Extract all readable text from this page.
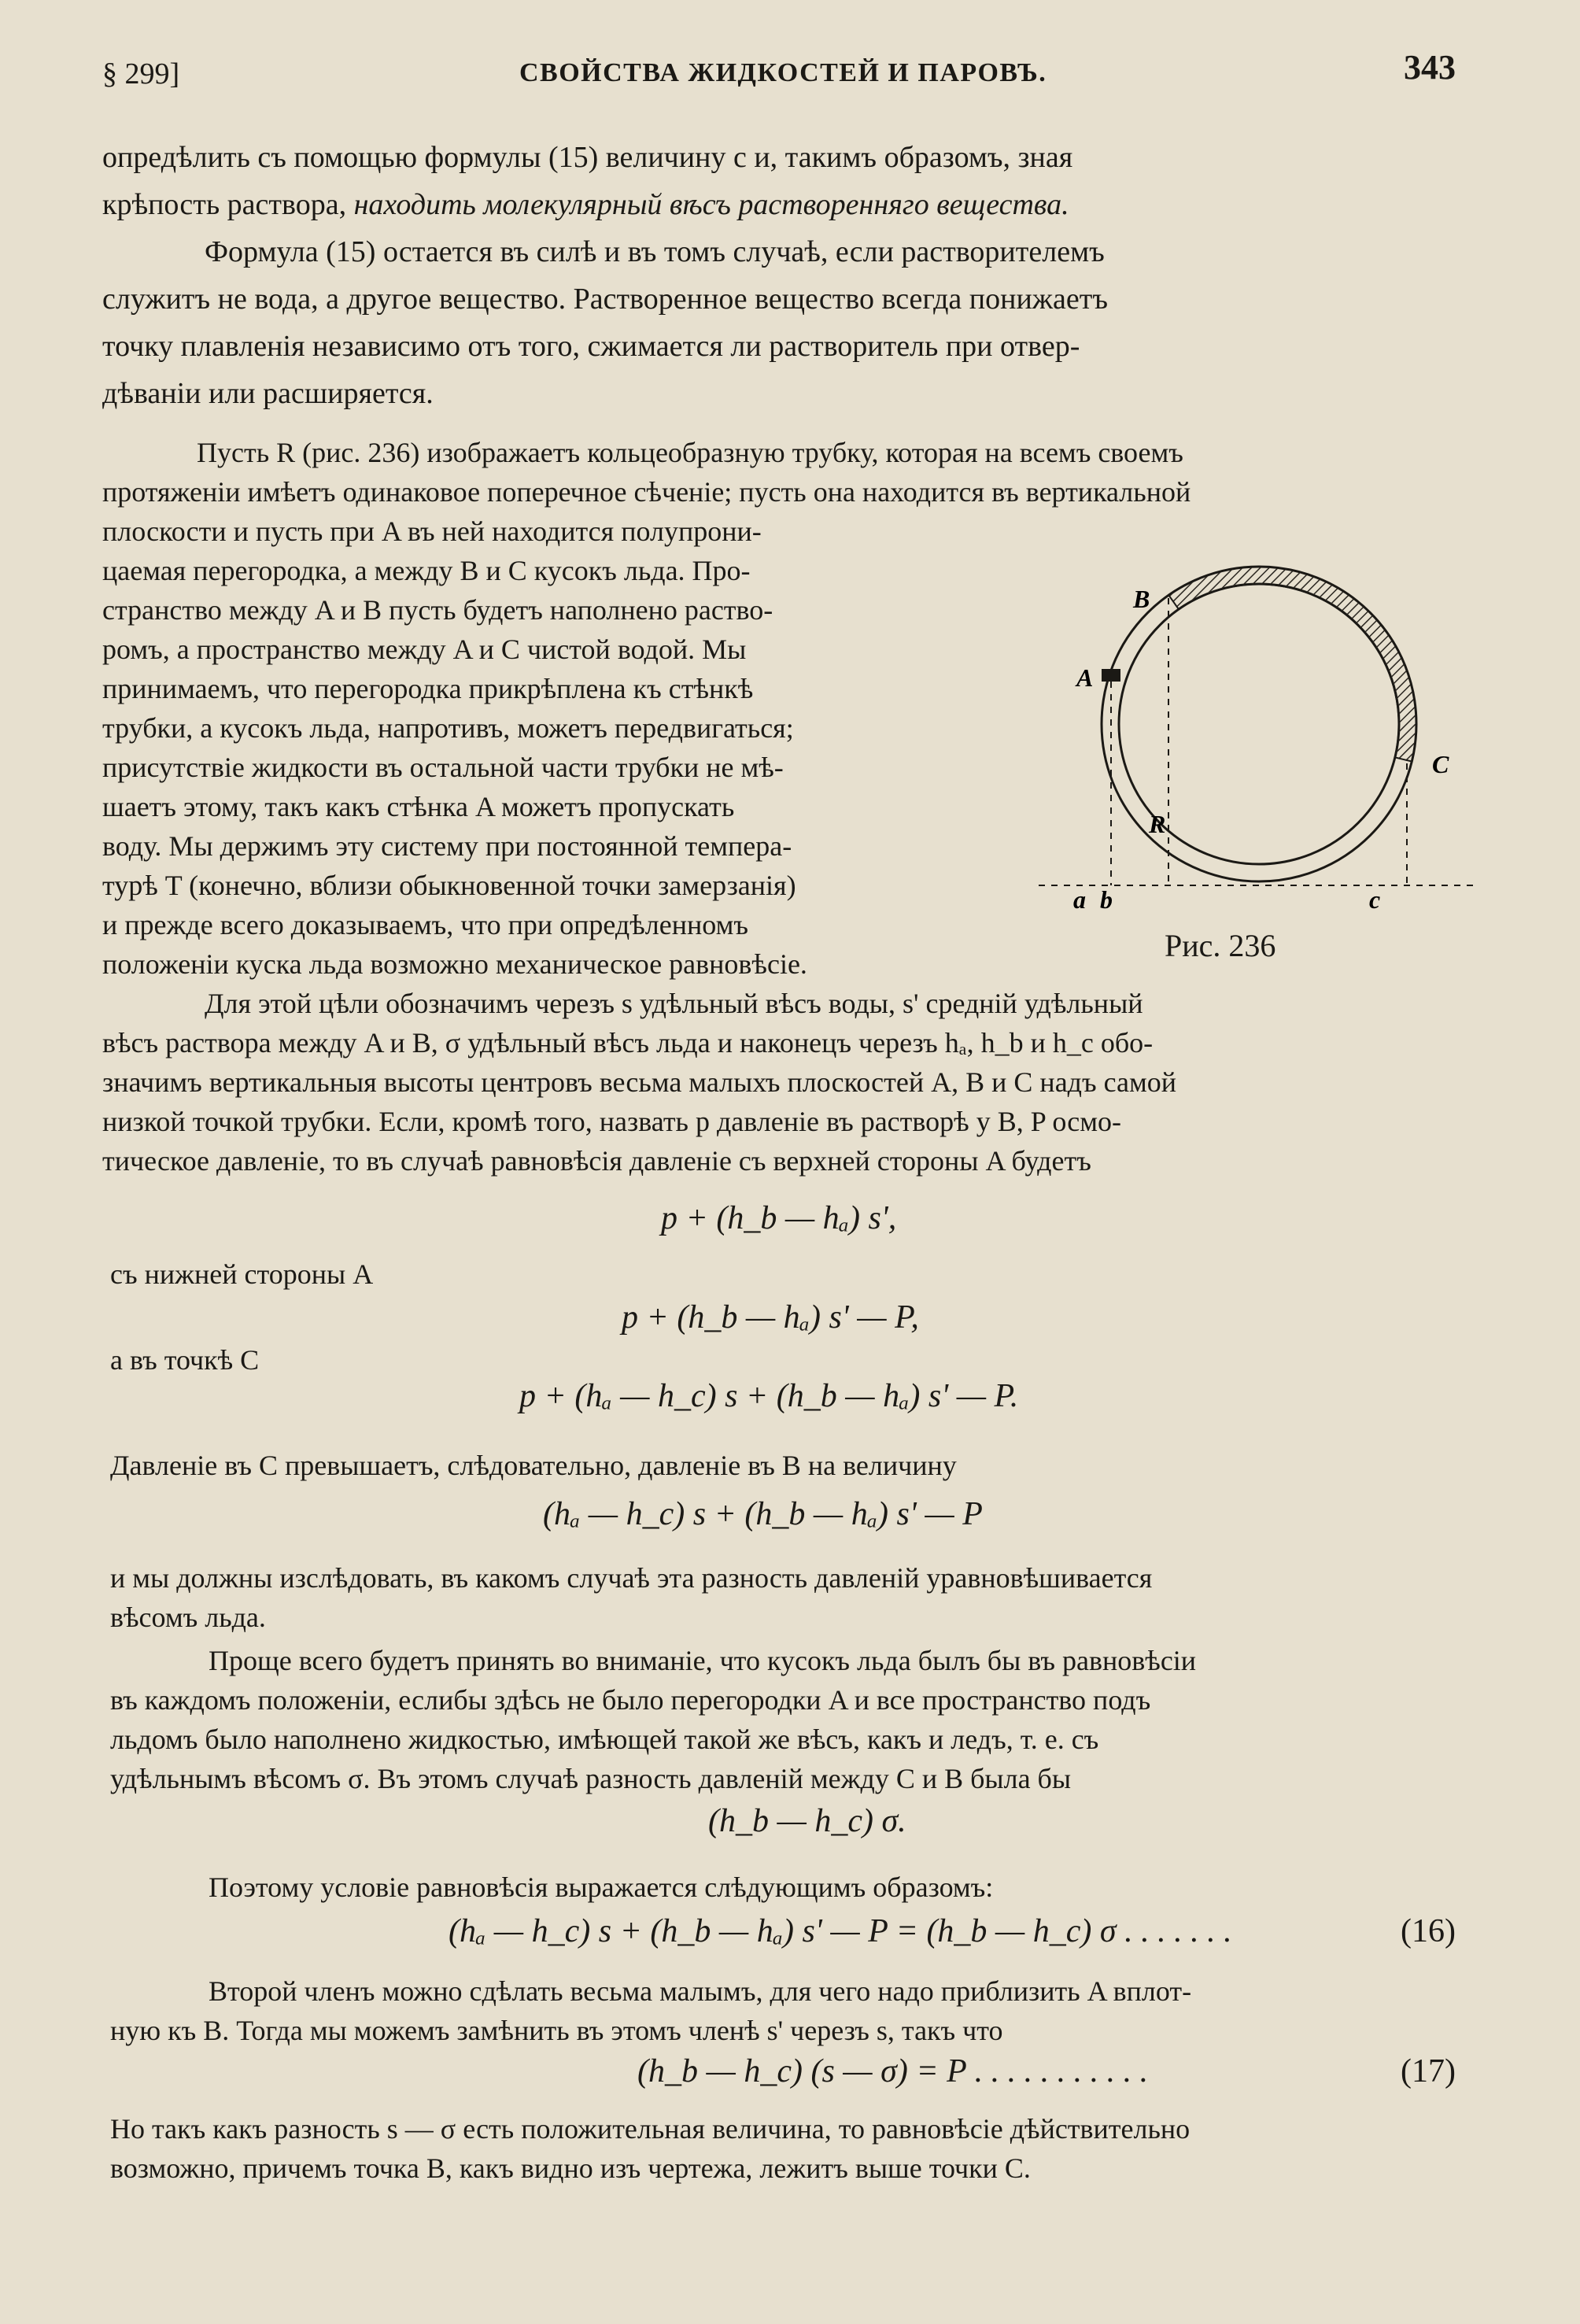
§ 299]	СВОЙСТВА ЖИДКОСТЕЙ И ПАРОВЪ.	343
опредѣлить съ помощью формулы (15) величину c и, такимъ образомъ, зная
крѣпость раствора, находить молекулярный вѣсъ растворенняго вещества.
Формула (15) остается въ силѣ и въ томъ случаѣ, если растворителемъ
служитъ не вода, а другое вещество. Растворенное вещество всегда понижаетъ
точку плавленія независимо отъ того, сжимается ли растворитель при отвер-
дѣваніи или расширяется.
Пусть R (рис. 236) изображаетъ кольцеобразную трубку, которая на всемъ своемъ
протяженіи имѣетъ одинаковое поперечное сѣченіе; пусть она находится въ вертикальной
плоскости и пусть при A въ ней находится полупрони-
цаемая перегородка, а между B и C кусокъ льда. Про-
странство между A и B пусть будетъ наполнено раство-
ромъ, а пространство между A и C чистой водой. Мы
принимаемъ, что перегородка прикрѣплена къ стѣнкѣ
трубки, а кусокъ льда, напротивъ, можетъ передвигаться;
присутствіе жидкости въ остальной части трубки не мѣ-
шаетъ этому, такъ какъ стѣнка A можетъ пропускать
воду. Мы держимъ эту систему при постоянной темпера-
турѣ T (конечно, вблизи обыкновенной точки замерзанія)
и прежде всего доказываемъ, что при опредѣленномъ
положеніи куска льда возможно механическое равновѣсіе.
A
B
C
R
a b	c
Рис. 236
Для этой цѣли обозначимъ черезъ s удѣльный вѣсъ воды, s' средній удѣльный
вѣсъ раствора между A и B, σ удѣльный вѣсъ льда и наконецъ черезъ hₐ, h_b и h_c обо-
значимъ вертикальныя высоты центровъ весьма малыхъ плоскостей A, B и C надъ самой
низкой точкой трубки. Если, кромѣ того, назвать p давленіе въ растворѣ у B, P осмо-
тическое давленіе, то въ случаѣ равновѣсія давленіе съ верхней стороны A будетъ
p + (h_b — hₐ) s',
съ нижней стороны A
p + (h_b — hₐ) s' — P,
а въ точкѣ C
p + (hₐ — h_c) s + (h_b — hₐ) s' — P.
Давленіе въ C превышаетъ, слѣдовательно, давленіе въ B на величину
(hₐ — h_c) s + (h_b — hₐ) s' — P
и мы должны изслѣдовать, въ какомъ случаѣ эта разность давленій уравновѣшивается
вѣсомъ льда.
Проще всего будетъ принять во вниманіе, что кусокъ льда былъ бы въ равновѣсіи
въ каждомъ положеніи, еслибы здѣсь не было перегородки A и все пространство подъ
льдомъ было наполнено жидкостью, имѣющей такой же вѣсъ, какъ и ледъ, т. е. съ
удѣльнымъ вѣсомъ σ. Въ этомъ случаѣ разность давленій между C и B была бы
(h_b — h_c) σ.
Поэтому условіе равновѣсія выражается слѣдующимъ образомъ:
(hₐ — h_c) s + (h_b — hₐ) s' — P = (h_b — h_c) σ . . . . . . .	(16)
Второй членъ можно сдѣлать весьма малымъ, для чего надо приблизить A вплот-
ную къ B. Тогда мы можемъ замѣнить въ этомъ членѣ s' черезъ s, такъ что
(h_b — h_c) (s — σ) = P . . . . . . . . . . .	(17)
Но такъ какъ разность s — σ есть положительная величина, то равновѣсіе дѣйствительно
возможно, причемъ точка B, какъ видно изъ чертежа, лежитъ выше точки C.
